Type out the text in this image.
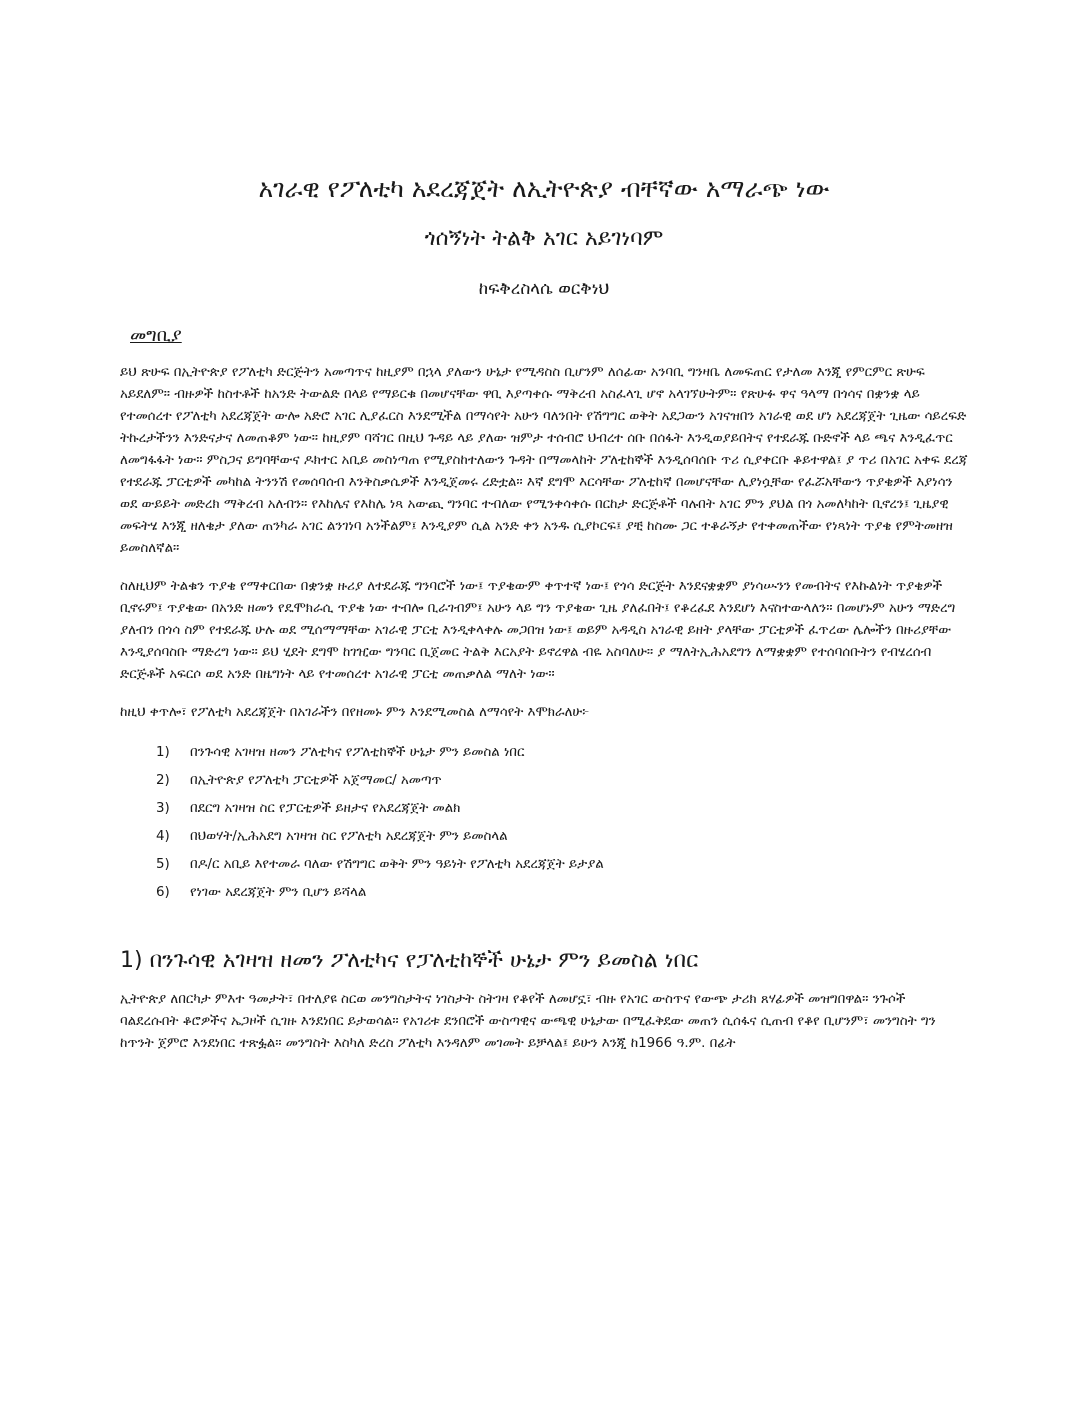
አገራዊ የፖለቲካ አደረጃጀት ለኢትዮጵያ ብቸኛው አማራጭ ነው
ጎሰኝነት ትልቅ አገር አይገነባም
ከፍቅረስላሴ ወርቅነህ
መግቢያ

ይህ ጽሁፍ በኢትዮጵያ የፖለቲካ ድርጅትን አመጣጥና ከዚያም በኋላ ያለውን ሁኔታ የሚዳስስ ቢሆንም ለሰፊው አንባቢ ግንዛቤ ለመፍጠር የታለመ እንጂ የምርምር ጽሁፍ አይደለም። ብዙዎች ከስተቶች ከአንድ ትውልድ በላይ የማይርቁ በመሆናቸው ዋቢ እያጣቀሱ ማቅረብ አስፈላጊ ሆኖ አላገኘሁትም። የጽሁፉ ዋና ዓላማ በጎሳና በቋንቋ ላይ የተመሰረተ የፖለቲካ አደረጃጀት ውሎ አድሮ አገር ሊያፈርስ እንደሚችል በማሳየት አሁን ባለንበት የሽግግር ወቅት አደጋውን አገናዝበን አገራዊ ወደ ሆነ አደረጃጀት ጊዜው ሳይረፍድ ትኩረታችንን እንድናታና ለመጠቆም ነው። ከዚያም ባሻገር በዚህ ጉዳይ ላይ ያለው ዝምታ ተሰብሮ ህብረተ ሰቡ በሰፋት እንዲወያይበትና የተደራጁ ቡድኖች ላይ ጫና እንዲፈጥር ለመግፋፋት ነው። ምስጋና ይግባቸውና ዶክተር አቢይ መስነጣጠ የሚያስከተለውን ጉዳት በማመላከት ፖለቲከኞች እንዲሰባሰቡ ጥሪ ሲያቀርቡ ቆይተዋል፤ ያ ጥሪ በአገር አቀፍ ደረጃ የተደራጁ ፓርቲዎች መካከል ትንንሽ የመሰባሰብ እንቅስቃሴዎች እንዲጀመሩ ረድቷል። እኛ ደግሞ እርሳቸው ፖለቲከኛ በመሆናቸው ሊያነሷቸው የፈሯአቸውን ጥያቄዎች እያነሳን ወደ ውይይት መድረክ ማቅረብ አለብን። የእከሌና የእከሌ ነጻ አውጪ ግንባር ተብለው የሚንቀሳቀሱ በርከታ ድርጅቶች ባሉበት አገር ምን ያህል በጎ አመለካከት ቢኖረን፤ ጊዜያዊ መፍትሄ እንጂ ዘለቄታ ያለው ጠንካራ አገር ልንገነባ አንችልም፤ እንዲያም ሲል አንድ ቀን አንዱ ሲያኮርፍ፤ ያቺ ከስሙ ጋር ተቆራኝታ የተቀመጠችው የነጻነት ጥያቄ የምትመዘዝ ይመስለኛል።

ስለዚህም ትልቁን ጥያቄ የማቀርበው በቋንቋ ዙሪያ ለተደራጁ ግንባሮች ነው፤ ጥያቄውም ቀጥተኛ ነው፤ የጎሳ ድርጅት እንደናቋቋም ያነሳሡንን የመብትና የእኩልነት ጥያቄዎች ቢኖሩም፤ ጥያቄው በአንድ ዘመን የዴሞክራሲ ጥያቄ ነው ተብሎ ቢራገብም፤ አሁን ላይ ግን ጥያቄው ጊዜ ያለፈበት፤ የቆረፈደ እንደሆነ እናስተውላለን። በመሆኑም አሁን ማድረግ ያለብን በጎሳ ስም የተደራጁ ሁሉ ወደ ሚሰማማቸው አገራዊ ፓርቲ እንዲቀላቀሉ መጋበዝ ነው፤ ወይም አዳዲስ አገራዊ ይዘት ያላቸው ፓርቲዎች ፈጥረው ሌሎችን በዙሪያቸው እንዲያሰባስቡ ማድረግ ነው። ይህ ሂደት ደግሞ ከገዢው ግንባር ቢጀመር ትልቅ እርአያት ይኖረዋል ብዬ አስባለሁ። ያ ማለትኢሕአደግን ለማቋቋም የተሰባሰቡትን የብሄረሰብ ድርጅቶች አፍርሶ ወደ አንድ በዜግነት ላይ የተመሰረተ አገራዊ ፓርቲ መጠቃለል ማለት ነው።

ከዚህ ቀጥሎ፣ የፖለቲካ አደረጃጀት በአገራችን በየዘመኑ ምን እንደሚመስል ለማሳየት እሞክራለሁ፦

1)	በንጉሳዊ አገዛዝ ዘመን ፖለቲካና የፖለቲከኞች ሁኔታ ምን ይመስል ነበር
2)	በኢትዮጵያ የፖለቲካ ፓርቲዎች አጀማመር/ አመጣጥ
3)	በደርግ አገዛዝ ስር የፓርቲዎች ይዘታና የአደረጃጀት መልክ
4)	በህወሃት/ኢሕአደግ አገዛዝ ስር የፖለቲካ አደረጃጀት ምን ይመስላል
5)	በዶ/ር አቢይ እየተመራ ባለው የሽግግር ወቅት ምን ዓይነት የፖለቲካ አደረጃጀት ይታያል
6)	የነገው አደረጃጀት ምን ቢሆን ይሻላል
1) በንጉሳዊ አገዛዝ ዘመን ፖለቲካና የፓለቲከኞች ሁኔታ ምን ይመስል ነበር

ኢትዮጵያ ለበርካታ ምእተ ዓመታት፣ በተለያዩ ስርወ መንግስታትና ነገስታት ስትገዛ የቆየች ለመሆኗ፣ ብዙ የአገር ውስጥና የውጭ ታሪክ ጸሃፊዎች መዝግበዋል። ንጉሶች ባልደረሱበት ቆሮዎችና ኤጋዞች ሲገዙ እንደነበር ይታወሳል። የአገሪቱ ደንበሮች ውስጣዊና ውጫዊ ሁኔታው በሚፈቅደው መጠን ሲሰፋና ሲጠብ የቆየ ቢሆንም፣ መንግስት ግን ከጥንት ጀምሮ እንደነበር ተጽፏል። መንግስት እስካለ ድረስ ፖለቲካ እንዳለም መገመት ይቻላል፤ ይሁን እንጂ ከ1966 ዓ.ም. በፊት
